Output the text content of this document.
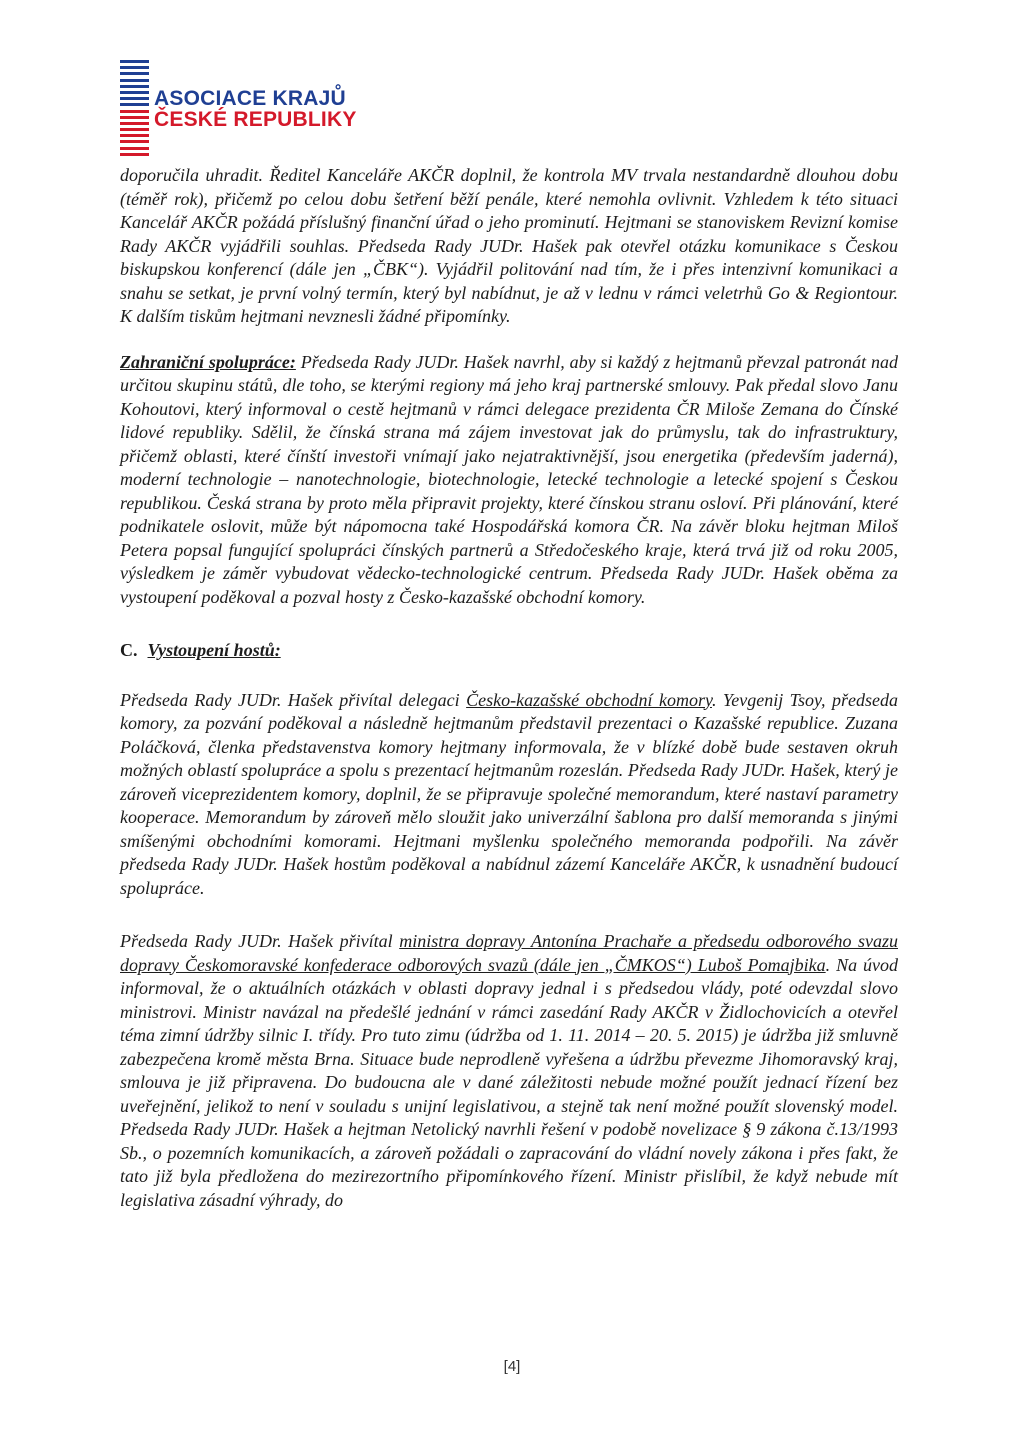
ASOCIACE KRAJŮ
ČESKÉ REPUBLIKY

doporučila uhradit. Ředitel Kanceláře AKČR doplnil, že kontrola MV trvala nestandardně dlouhou dobu (téměř rok), přičemž po celou dobu šetření běží penále, které nemohla ovlivnit. Vzhledem k této situaci Kancelář AKČR požádá příslušný finanční úřad o jeho prominutí. Hejtmani se stanoviskem Revizní komise Rady AKČR vyjádřili souhlas. Předseda Rady JUDr. Hašek pak otevřel otázku komunikace s Českou biskupskou konferencí (dále jen „ČBK“). Vyjádřil politování nad tím, že i přes intenzivní komunikaci a snahu se setkat, je první volný termín, který byl nabídnut, je až v lednu v rámci veletrhů Go & Regiontour. K dalším tiskům hejtmani nevznesli žádné připomínky.

Zahraniční spolupráce: Předseda Rady JUDr. Hašek navrhl, aby si každý z hejtmanů převzal patronát nad určitou skupinu států, dle toho, se kterými regiony má jeho kraj partnerské smlouvy. Pak předal slovo Janu Kohoutovi, který informoval o cestě hejtmanů v rámci delegace prezidenta ČR Miloše Zemana do Čínské lidové republiky. Sdělil, že čínská strana má zájem investovat jak do průmyslu, tak do infrastruktury, přičemž oblasti, které čínští investoři vnímají jako nejatraktivnější, jsou energetika (především jaderná), moderní technologie – nanotechnologie, biotechnologie, letecké technologie a letecké spojení s Českou republikou. Česká strana by proto měla připravit projekty, které čínskou stranu osloví. Při plánování, které podnikatele oslovit, může být nápomocna také Hospodářská komora ČR. Na závěr bloku hejtman Miloš Petera popsal fungující spolupráci čínských partnerů a Středočeského kraje, která trvá již od roku 2005, výsledkem je záměr vybudovat vědecko-technologické centrum. Předseda Rady JUDr. Hašek oběma za vystoupení poděkoval a pozval hosty z Česko-kazašské obchodní komory.

C. Vystoupení hostů:

Předseda Rady JUDr. Hašek přivítal delegaci Česko-kazašské obchodní komory. Yevgenij Tsoy, předseda komory, za pozvání poděkoval a následně hejtmanům představil prezentaci o Kazašské republice. Zuzana Poláčková, členka představenstva komory hejtmany informovala, že v blízké době bude sestaven okruh možných oblastí spolupráce a spolu s prezentací hejtmanům rozeslán. Předseda Rady JUDr. Hašek, který je zároveň viceprezidentem komory, doplnil, že se připravuje společné memorandum, které nastaví parametry kooperace. Memorandum by zároveň mělo sloužit jako univerzální šablona pro další memoranda s jinými smíšenými obchodními komorami. Hejtmani myšlenku společného memoranda podpořili. Na závěr předseda Rady JUDr. Hašek hostům poděkoval a nabídnul zázemí Kanceláře AKČR, k usnadnění budoucí spolupráce.

Předseda Rady JUDr. Hašek přivítal ministra dopravy Antonína Prachaře a předsedu odborového svazu dopravy Českomoravské konfederace odborových svazů (dále jen „ČMKOS“) Luboš Pomajbika. Na úvod informoval, že o aktuálních otázkách v oblasti dopravy jednal i s předsedou vlády, poté odevzdal slovo ministrovi. Ministr navázal na předešlé jednání v rámci zasedání Rady AKČR v Židlochovicích a otevřel téma zimní údržby silnic I. třídy. Pro tuto zimu (údržba od 1. 11. 2014 – 20. 5. 2015) je údržba již smluvně zabezpečena kromě města Brna. Situace bude neprodleně vyřešena a údržbu převezme Jihomoravský kraj, smlouva je již připravena. Do budoucna ale v dané záležitosti nebude možné použít jednací řízení bez uveřejnění, jelikož to není v souladu s unijní legislativou, a stejně tak není možné použít slovenský model. Předseda Rady JUDr. Hašek a hejtman Netolický navrhli řešení v podobě novelizace § 9 zákona č.13/1993 Sb., o pozemních komunikacích, a zároveň požádali o zapracování do vládní novely zákona i přes fakt, že tato již byla předložena do mezirezortního připomínkového řízení. Ministr přislíbil, že když nebude mít legislativa zásadní výhrady, do

[4]
